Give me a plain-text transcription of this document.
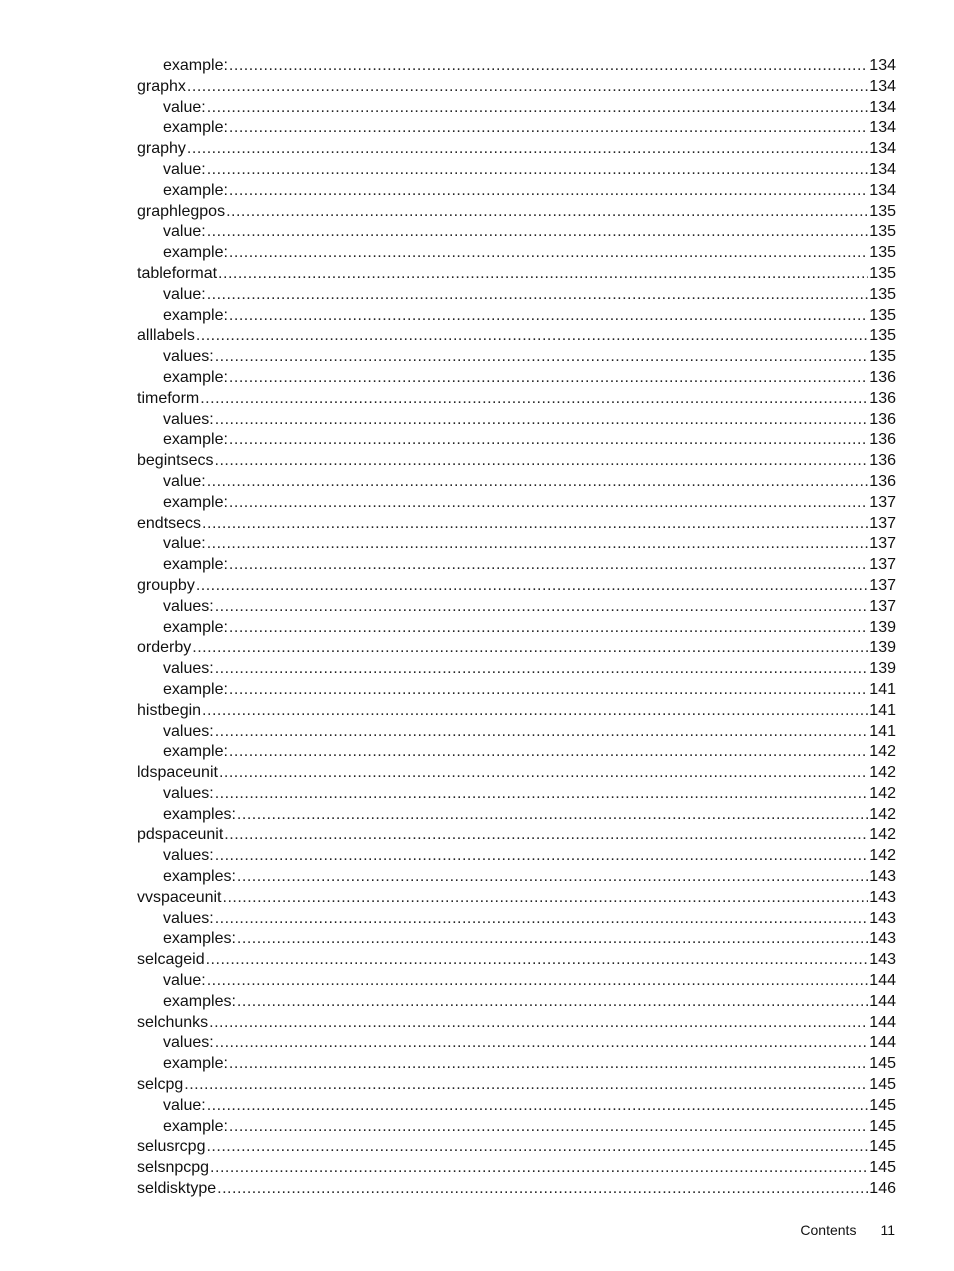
example: .....	134
graphx .....	134
value: .....	134
example: .....	134
graphy .....	134
value: .....	134
example: .....	134
graphlegpos .....	135
value: .....	135
example: .....	135
tableformat .....	135
value: .....	135
example: .....	135
alllabels .....	135
values: .....	135
example: .....	136
timeform .....	136
values: .....	136
example: .....	136
begintsecs .....	136
value: .....	136
example: .....	137
endtsecs .....	137
value: .....	137
example: .....	137
groupby .....	137
values: .....	137
example: .....	139
orderby .....	139
values: .....	139
example: .....	141
histbegin .....	141
values: .....	141
example: .....	142
ldspaceunit .....	142
values: .....	142
examples: .....	142
pdspaceunit .....	142
values: .....	142
examples: .....	143
vvspaceunit .....	143
values: .....	143
examples: .....	143
selcageid .....	143
value: .....	144
examples: .....	144
selchunks .....	144
values: .....	144
example: .....	145
selcpg .....	145
value: .....	145
example: .....	145
selusrcpg .....	145
selsnpcpg .....	145
seldisktype .....	146
Contents 11
